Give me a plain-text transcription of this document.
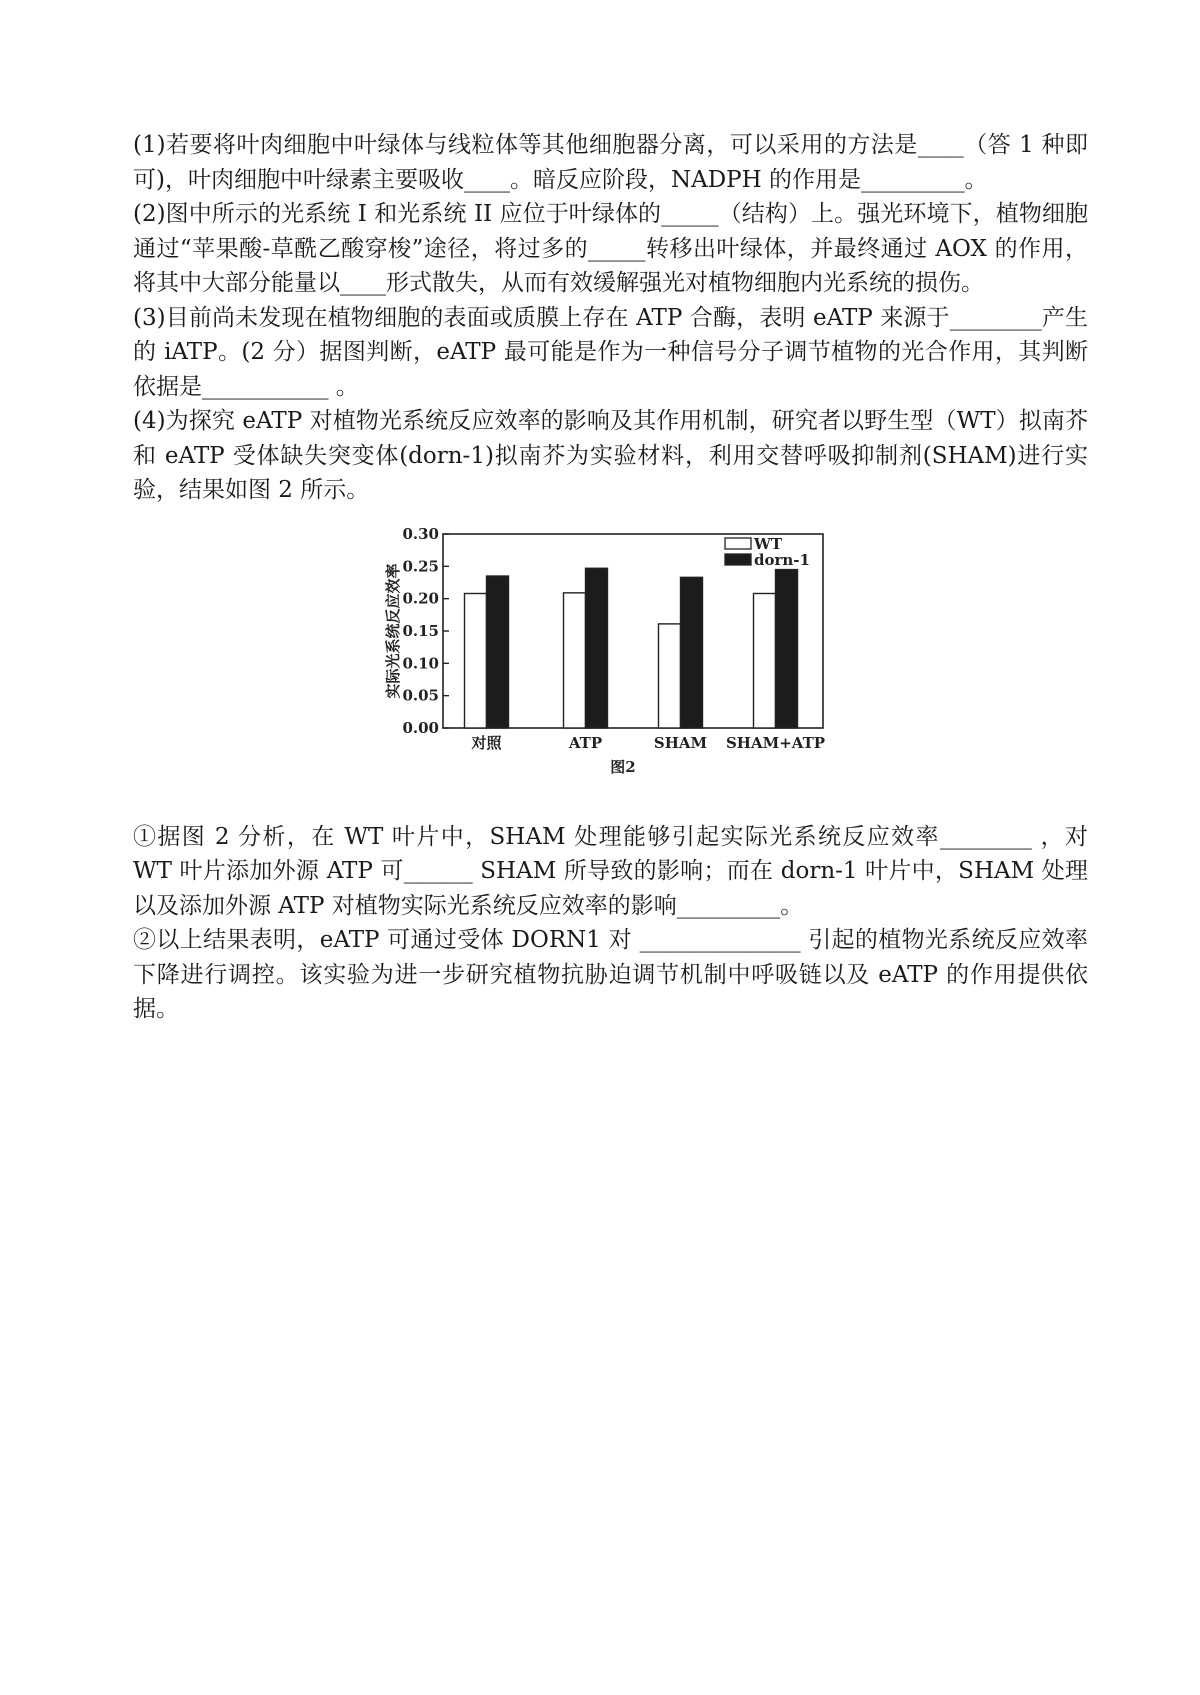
(1)若要将叶肉细胞中叶绿体与线粒体等其他细胞器分离，可以采用的方法是____（答 1 种即可)，叶肉细胞中叶绿素主要吸收____。暗反应阶段，NADPH 的作用是_________。

(2)图中所示的光系统 I 和光系统 II 应位于叶绿体的_____（结构）上。强光环境下，植物细胞通过“苹果酸-草酰乙酸穿梭”途径，将过多的_____转移出叶绿体，并最终通过 AOX 的作用，将其中大部分能量以____形式散失，从而有效缓解强光对植物细胞内光系统的损伤。

(3)目前尚未发现在植物细胞的表面或质膜上存在 ATP 合酶，表明 eATP 来源于________产生的 iATP。(2 分）据图判断，eATP 最可能是作为一种信号分子调节植物的光合作用，其判断依据是___________ 。

(4)为探究 eATP 对植物光系统反应效率的影响及其作用机制，研究者以野生型（WT）拟南芥和 eATP 受体缺失突变体(dorn-1)拟南芥为实验材料，利用交替呼吸抑制剂(SHAM)进行实验，结果如图 2 所示。

0.00
0.05
0.10
0.15
0.20
0.25
0.30
实际光系统反应效率
对照	ATP	SHAM SHAM+ATP
WT
dorn-1
图2

①据图 2 分析，在 WT 叶片中，SHAM 处理能够引起实际光系统反应效率________ ，对 WT 叶片添加外源 ATP 可______ SHAM 所导致的影响；而在 dorn-1 叶片中，SHAM 处理以及添加外源 ATP 对植物实际光系统反应效率的影响_________。

②以上结果表明，eATP 可通过受体 DORN1 对 ______________ 引起的植物光系统反应效率下降进行调控。该实验为进一步研究植物抗胁迫调节机制中呼吸链以及 eATP 的作用提供依据。
